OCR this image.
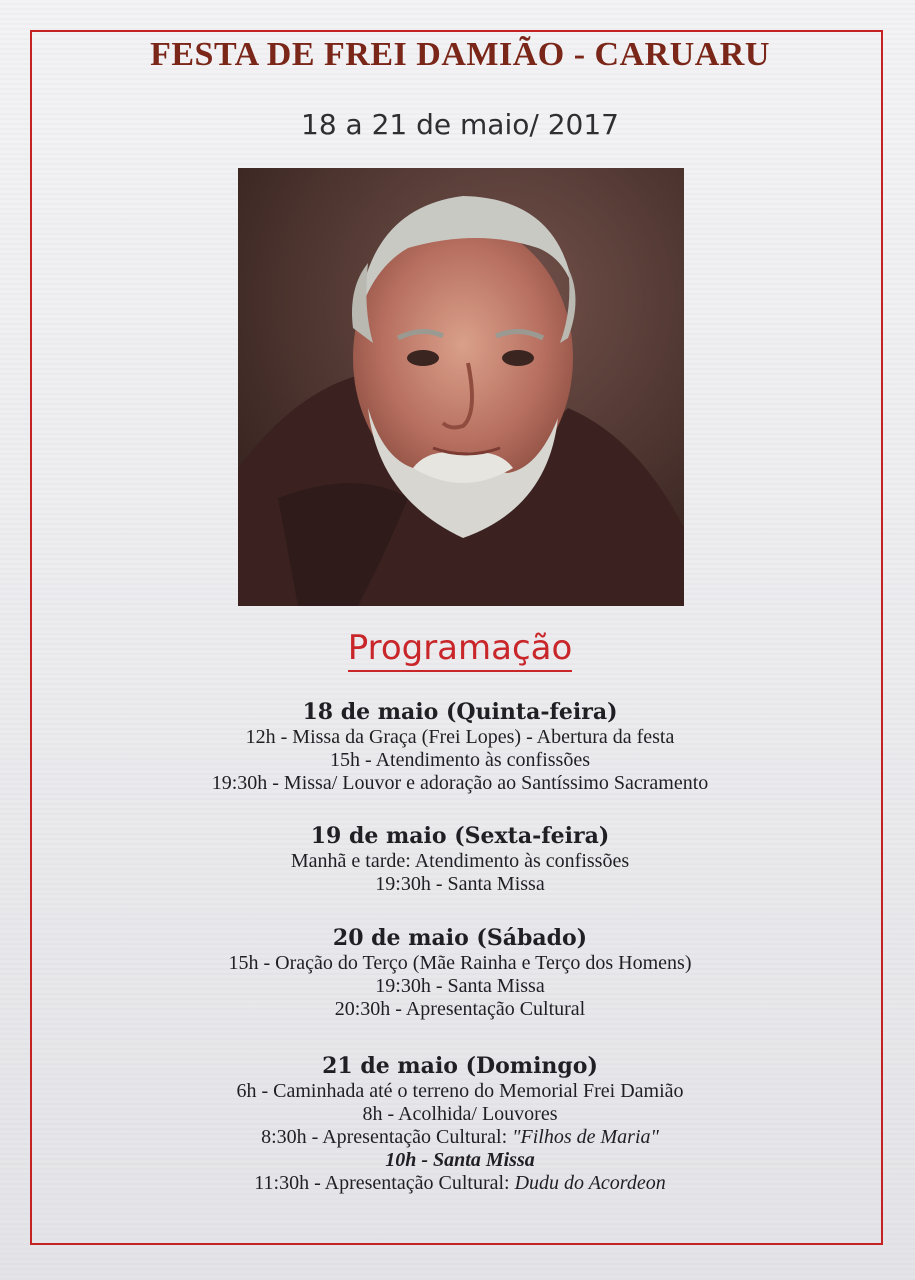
FESTA DE FREI DAMIÃO - CARUARU
18 a 21 de maio/ 2017
Programação
18 de maio (Quinta-feira)
12h - Missa da Graça (Frei Lopes) - Abertura da festa
15h - Atendimento às confissões
19:30h - Missa/ Louvor e adoração ao Santíssimo Sacramento
19 de maio (Sexta-feira)
Manhã e tarde: Atendimento às confissões
19:30h - Santa Missa
20 de maio (Sábado)
15h - Oração do Terço (Mãe Rainha e Terço dos Homens)
19:30h - Santa Missa
20:30h - Apresentação Cultural
21 de maio (Domingo)
6h - Caminhada até o terreno do Memorial Frei Damião
8h - Acolhida/ Louvores
8:30h - Apresentação Cultural: "Filhos de Maria"
10h - Santa Missa
11:30h - Apresentação Cultural: Dudu do Acordeon
